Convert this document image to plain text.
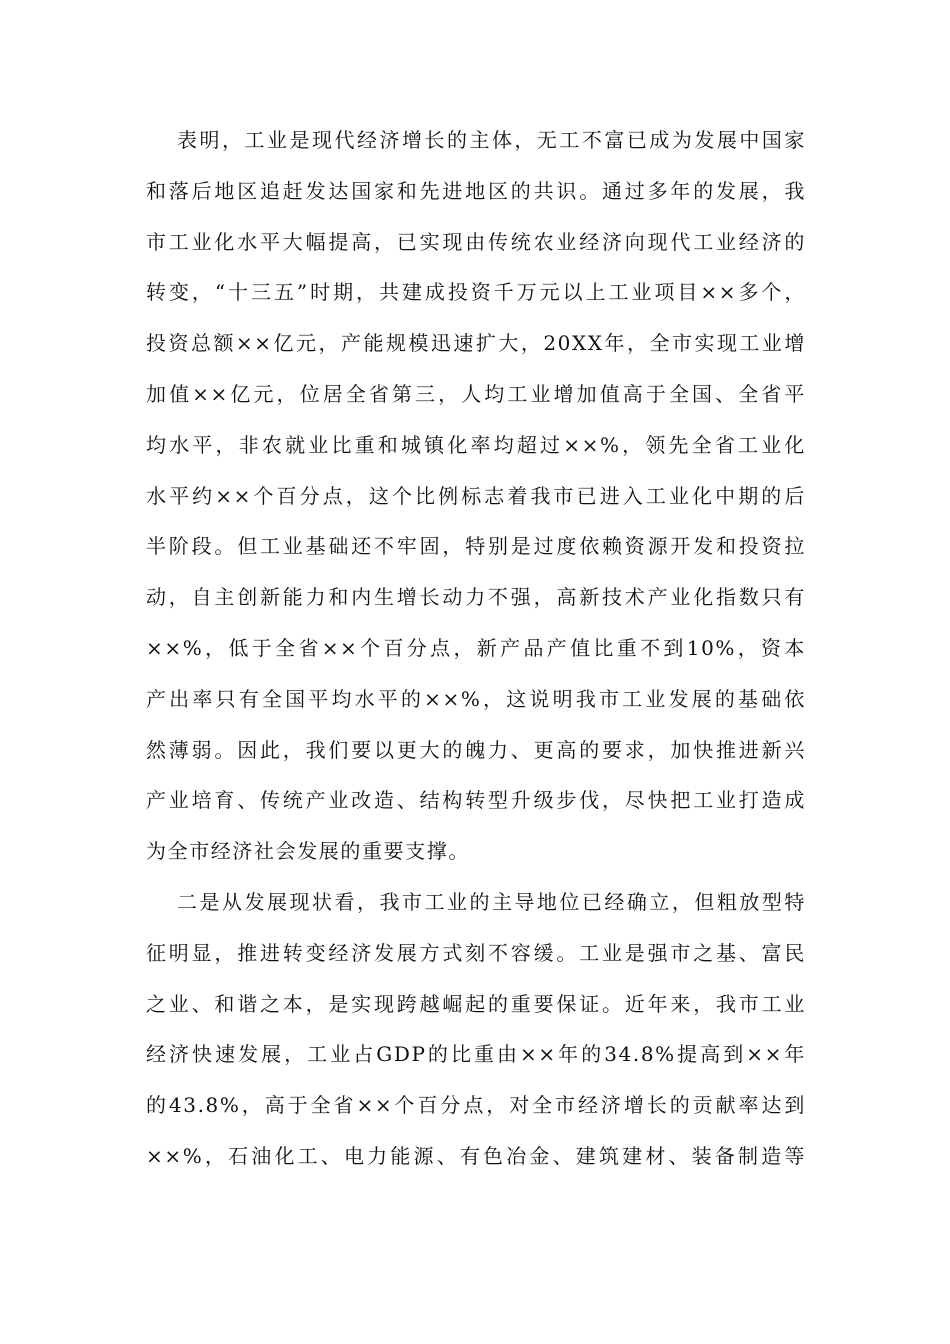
表明，工业是现代经济增长的主体，无工不富已成为发展中国家
和落后地区追赶发达国家和先进地区的共识。通过多年的发展，我
市工业化水平大幅提高，已实现由传统农业经济向现代工业经济的
转变，“十三五”时期，共建成投资千万元以上工业项目××多个，
投资总额××亿元，产能规模迅速扩大，20XX年，全市实现工业增
加值××亿元，位居全省第三，人均工业增加值高于全国、全省平
均水平，非农就业比重和城镇化率均超过××%，领先全省工业化
水平约××个百分点，这个比例标志着我市已进入工业化中期的后
半阶段。但工业基础还不牢固，特别是过度依赖资源开发和投资拉
动，自主创新能力和内生增长动力不强，高新技术产业化指数只有
××%，低于全省××个百分点，新产品产值比重不到10%，资本
产出率只有全国平均水平的××%，这说明我市工业发展的基础依
然薄弱。因此，我们要以更大的魄力、更高的要求，加快推进新兴
产业培育、传统产业改造、结构转型升级步伐，尽快把工业打造成
为全市经济社会发展的重要支撑。
二是从发展现状看，我市工业的主导地位已经确立，但粗放型特
征明显，推进转变经济发展方式刻不容缓。工业是强市之基、富民
之业、和谐之本，是实现跨越崛起的重要保证。近年来，我市工业
经济快速发展，工业占GDP的比重由××年的34.8%提高到××年
的43.8%，高于全省××个百分点，对全市经济增长的贡献率达到
××%，石油化工、电力能源、有色冶金、建筑建材、装备制造等
